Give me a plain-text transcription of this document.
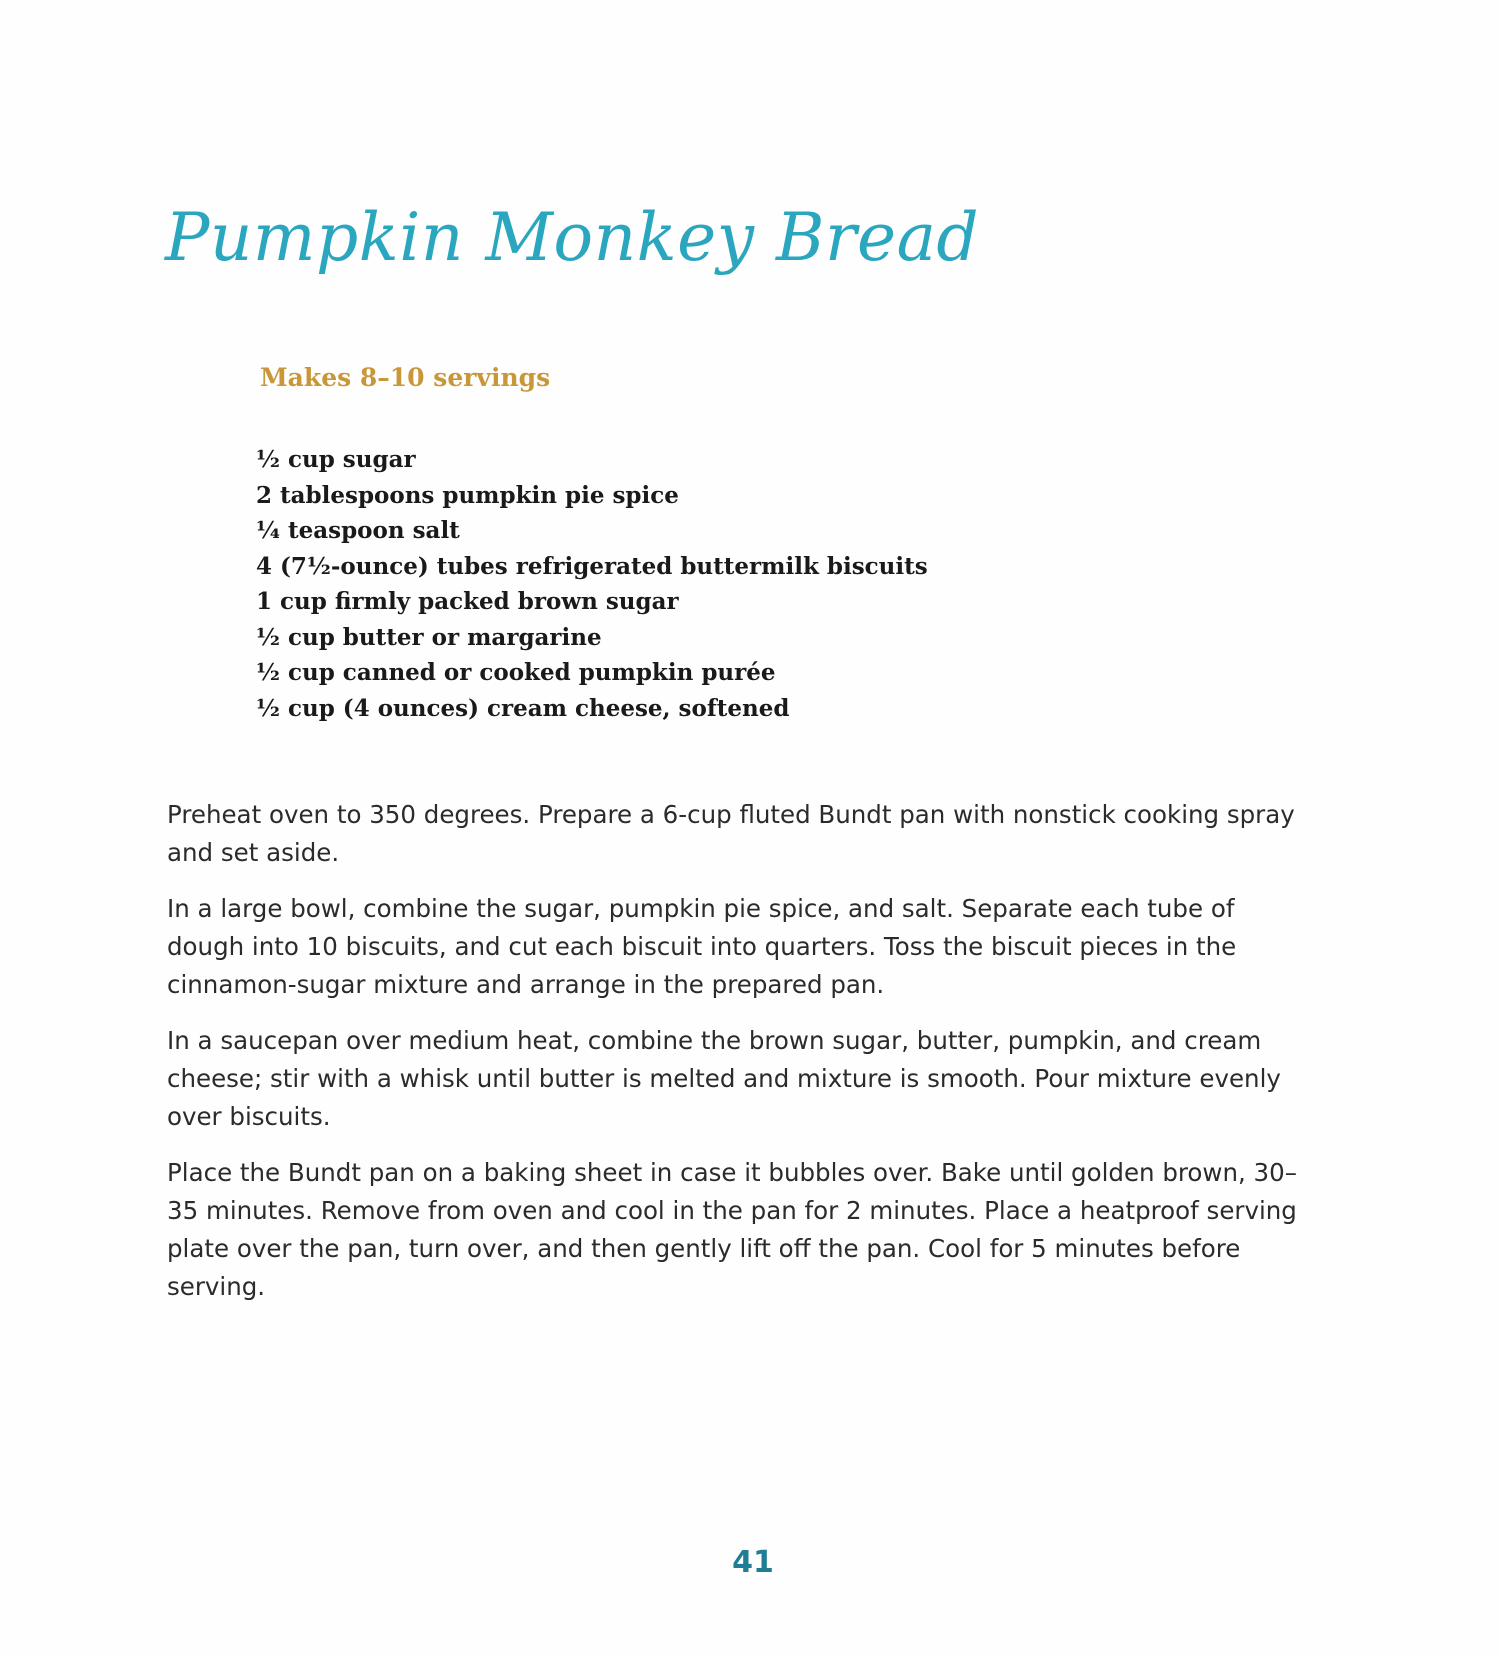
Pumpkin Monkey Bread
Makes 8–10 servings
½ cup sugar
2 tablespoons pumpkin pie spice
¼ teaspoon salt
4 (7½-ounce) tubes refrigerated buttermilk biscuits
1 cup firmly packed brown sugar
½ cup butter or margarine
½ cup canned or cooked pumpkin purée
½ cup (4 ounces) cream cheese, softened

Preheat oven to 350 degrees. Prepare a 6-cup fluted Bundt pan with nonstick cooking spray and set aside.

In a large bowl, combine the sugar, pumpkin pie spice, and salt. Separate each tube of dough into 10 biscuits, and cut each biscuit into quarters. Toss the biscuit pieces in the cinnamon-sugar mixture and arrange in the prepared pan.

In a saucepan over medium heat, combine the brown sugar, butter, pumpkin, and cream cheese; stir with a whisk until butter is melted and mixture is smooth. Pour mixture evenly over biscuits.

Place the Bundt pan on a baking sheet in case it bubbles over. Bake until golden brown, 30–35 minutes. Remove from oven and cool in the pan for 2 minutes. Place a heatproof serving plate over the pan, turn over, and then gently lift off the pan. Cool for 5 minutes before serving.

41
